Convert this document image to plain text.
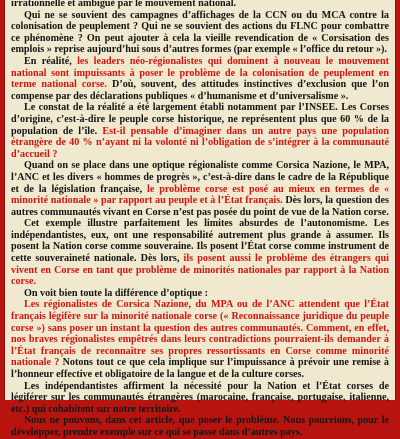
irrationnelle et ambiguë par le mouvement national.

Qui ne se souvient des campagnes d’affichages de la CCN ou du MCA contre la colonisation de peuplement ? Qui ne se souvient des actions du FLNC pour combattre ce phénomène ? On peut ajouter à cela la vieille revendication de « Corsisation des emplois » reprise aujourd’hui sous d’autres formes (par exemple « l’office du retour »).

En réalité, les leaders néo-régionalistes qui dominent à nouveau le mouvement national sont impuissants à poser le problème de la colonisation de peuplement en terme national corse. D’où, souvent, des attitudes instinctives d’exclusion que l’on compense par des déclarations publiques « d’humanisme et d’universalisme ».

Le constat de la réalité a été largement établi notamment par l’INSEE. Les Corses d’origine, c’est-à-dire le peuple corse historique, ne représentent plus que 60 % de la population de l’île. Est-il pensable d’imaginer dans un autre pays une population étrangère de 40 % n’ayant ni la volonté ni l’obligation de s’intégrer à la communauté d’accueil ?

Quand on se place dans une optique régionaliste comme Corsica Nazione, le MPA, l’ANC et les divers « hommes de progrès », c’est-à-dire dans le cadre de la République et de la législation française, le problème corse est posé au mieux en termes de « minorité nationale » par rapport au peuple et à l’État français. Dès lors, la question des autres communautés vivant en Corse n’est pas posée du point de vue de la Nation corse.

Cet exemple illustre parfaitement les limites absurdes de l’autonomisme. Les indépendantistes, eux, ont une responsabilité autrement plus grande à assumer. Ils posent la Nation corse comme souveraine. Ils posent l’État corse comme instrument de cette souveraineté nationale. Dès lors, ils posent aussi le problème des étrangers qui vivent en Corse en tant que problème de minorités nationales par rapport à la Nation corse.

On voit bien toute la différence d’optique :

Les régionalistes de Corsica Nazione, du MPA ou de l’ANC attendent que l’État français légifère sur la minorité nationale corse (« Reconnaissance juridique du peuple corse ») sans poser un instant la question des autres communautés. Comment, en effet, nos braves régionalistes empêtrés dans leurs contradictions pourraient-ils demander à l’État français de reconnaître ses propres ressortissants en Corse comme minorité nationale ? Notons tout ce que cela implique sur l’impuissance à prévoir une remise à l’honneur effective et obligatoire de la langue et de la culture corses.

Les indépendantistes affirment la nécessité pour la Nation et l’État corses de légiférer sur les communautés étrangères (marocaine, française, portugaise, italienne, etc.) qui cohabitent sur notre territoire.

Nous ne pouvons, dans cet article, que poser le problème. Nous pourrions, pour le développer, prendre exemple sur ce qui se passe dans d’autres pays.
